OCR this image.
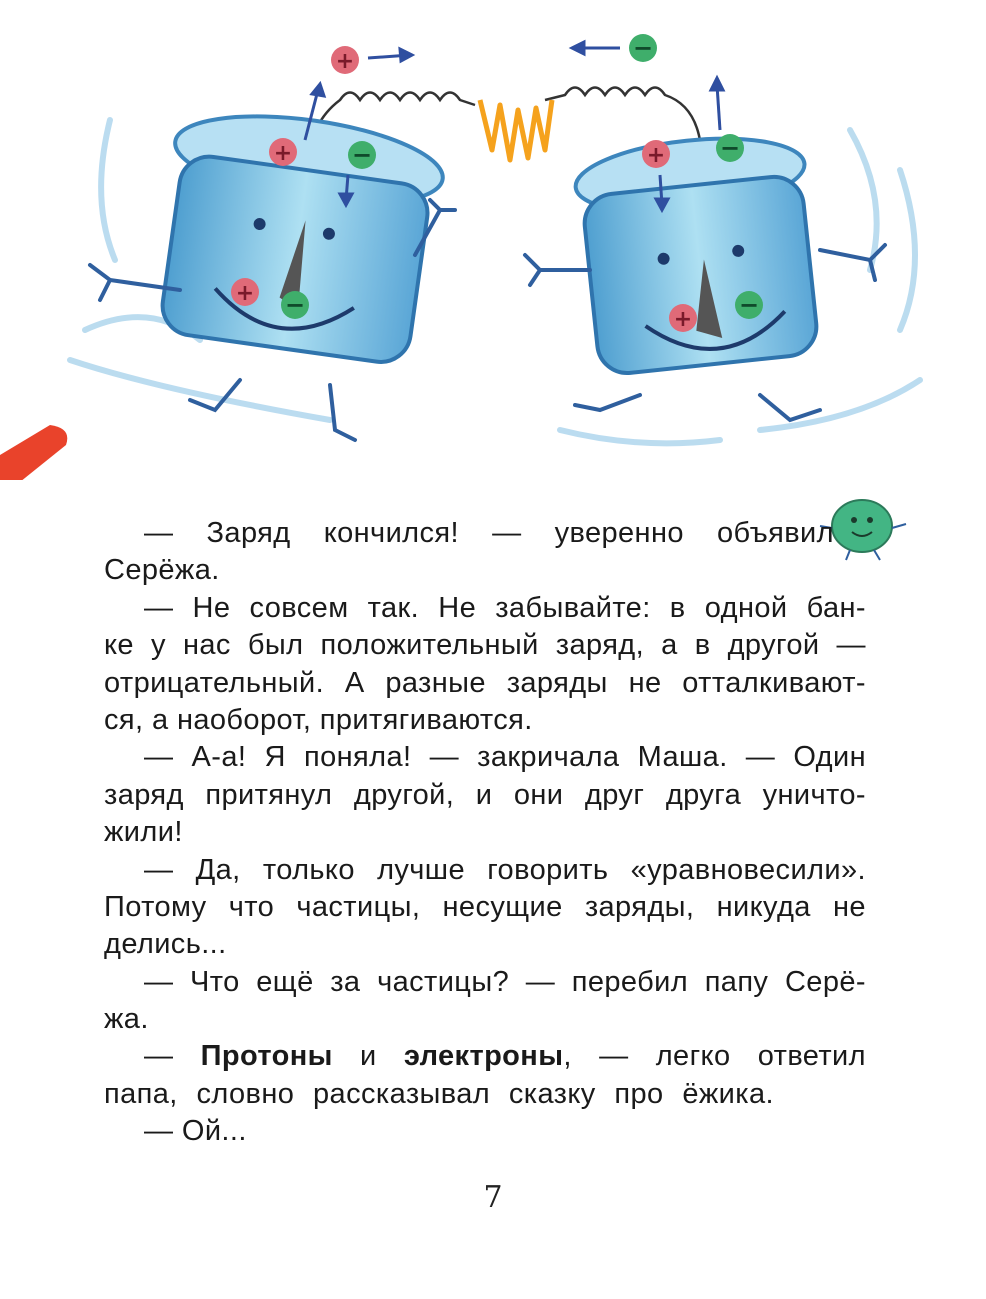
+
+
+
+
+
−
−
−
−
−
— Заряд кончился! — уверенно объявил
Серёжа.
— Не совсем так. Не забывайте: в одной бан-
ке у нас был положительный заряд, а в другой —
отрицательный. А разные заряды не отталкивают-
ся,
а
наоборот,
притягиваются.
— А-а! Я поняла! — закричала Маша. — Один
заряд притянул другой, и они друг друга уничто-
жили!
— Да, только лучше говорить «уравновесили».
Потому что частицы, несущие заряды, никуда не
делись...
— Что ещё за частицы? — перебил папу Серё-
жа.
— Протоны и электроны, — легко ответил
папа, словно рассказывал сказку про ёжика.
—
Ой...
7
